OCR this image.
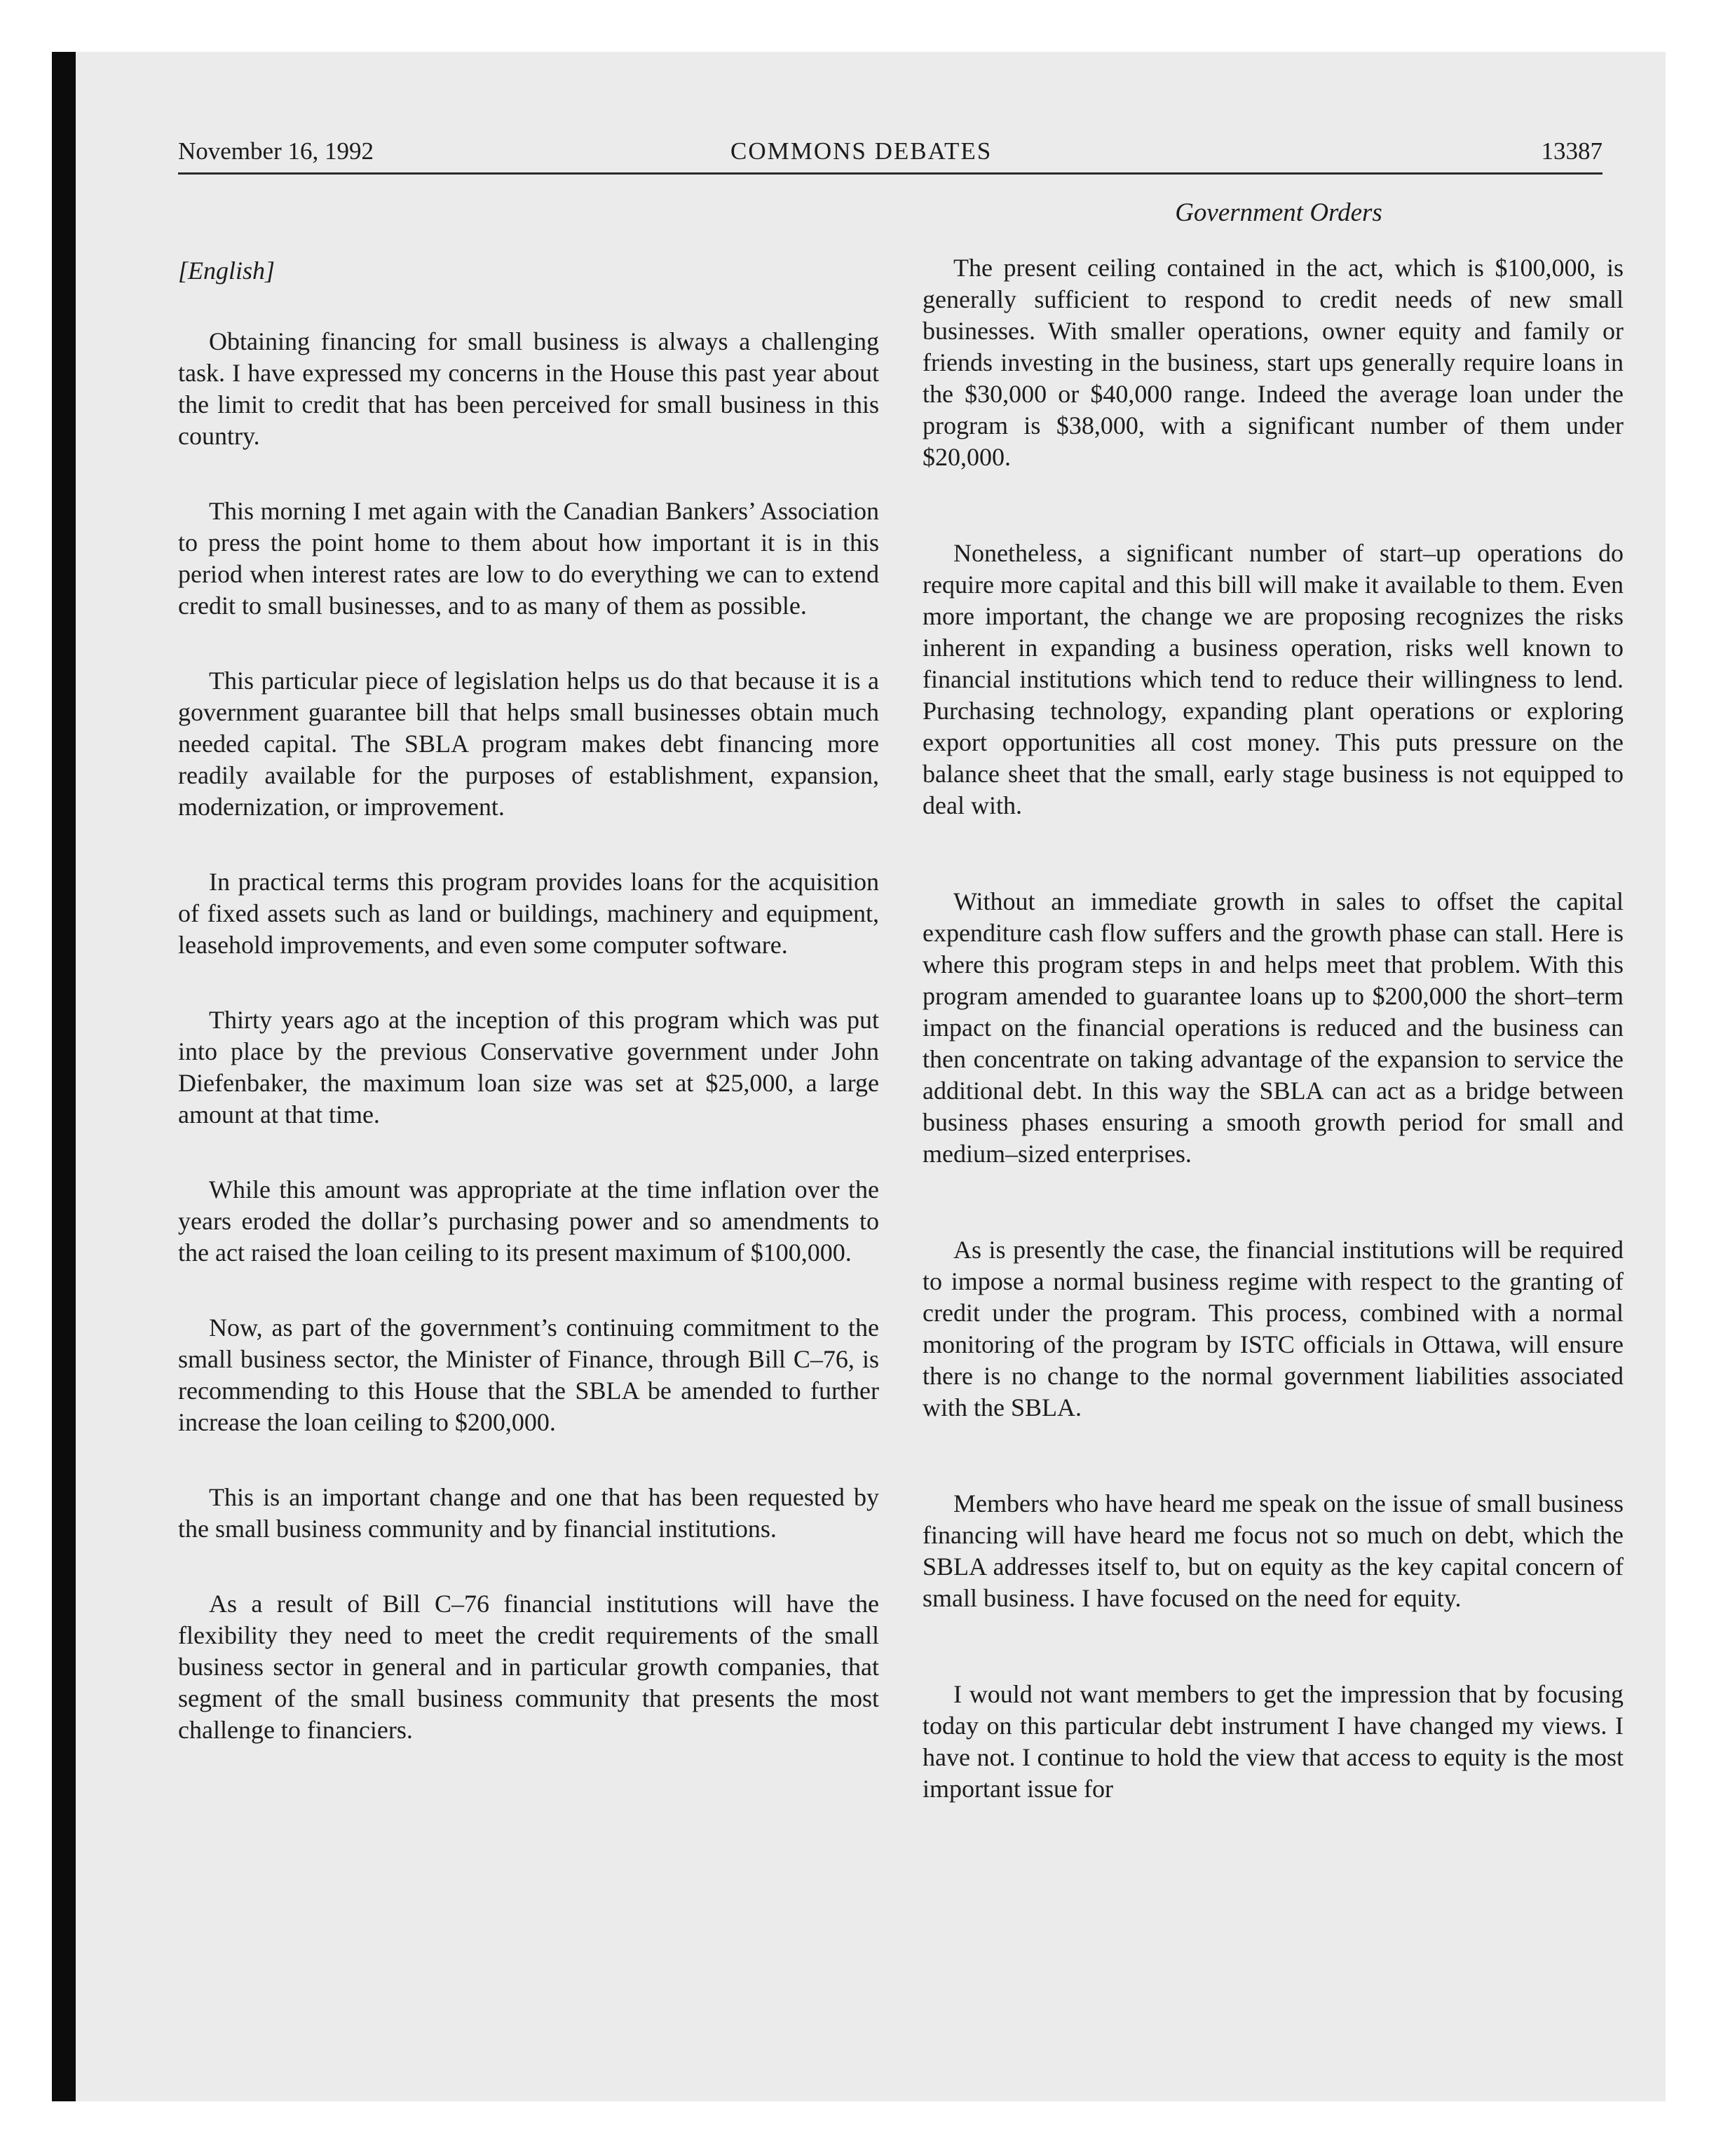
November 16, 1992	COMMONS DEBATES	13387
Government Orders

[English]

Obtaining financing for small business is always a challenging task. I have expressed my concerns in the House this past year about the limit to credit that has been perceived for small business in this country.

This morning I met again with the Canadian Bankers’ Association to press the point home to them about how important it is in this period when interest rates are low to do everything we can to extend credit to small businesses, and to as many of them as possible.

This particular piece of legislation helps us do that because it is a government guarantee bill that helps small businesses obtain much needed capital. The SBLA program makes debt financing more readily available for the purposes of establishment, expansion, modernization, or improvement.

In practical terms this program provides loans for the acquisition of fixed assets such as land or buildings, machinery and equipment, leasehold improvements, and even some computer software.

Thirty years ago at the inception of this program which was put into place by the previous Conservative government under John Diefenbaker, the maximum loan size was set at $25,000, a large amount at that time.

While this amount was appropriate at the time inflation over the years eroded the dollar’s purchasing power and so amendments to the act raised the loan ceiling to its present maximum of $100,000.

Now, as part of the government’s continuing commitment to the small business sector, the Minister of Finance, through Bill C–76, is recommending to this House that the SBLA be amended to further increase the loan ceiling to $200,000.

This is an important change and one that has been requested by the small business community and by financial institutions.

As a result of Bill C–76 financial institutions will have the flexibility they need to meet the credit requirements of the small business sector in general and in particular growth companies, that segment of the small business community that presents the most challenge to financiers.

The present ceiling contained in the act, which is $100,000, is generally sufficient to respond to credit needs of new small businesses. With smaller operations, owner equity and family or friends investing in the business, start ups generally require loans in the $30,000 or $40,000 range. Indeed the average loan under the program is $38,000, with a significant number of them under $20,000.

Nonetheless, a significant number of start–up operations do require more capital and this bill will make it available to them. Even more important, the change we are proposing recognizes the risks inherent in expanding a business operation, risks well known to financial institutions which tend to reduce their willingness to lend. Purchasing technology, expanding plant operations or exploring export opportunities all cost money. This puts pressure on the balance sheet that the small, early stage business is not equipped to deal with.

Without an immediate growth in sales to offset the capital expenditure cash flow suffers and the growth phase can stall. Here is where this program steps in and helps meet that problem. With this program amended to guarantee loans up to $200,000 the short–term impact on the financial operations is reduced and the business can then concentrate on taking advantage of the expansion to service the additional debt. In this way the SBLA can act as a bridge between business phases ensuring a smooth growth period for small and medium–sized enterprises.

As is presently the case, the financial institutions will be required to impose a normal business regime with respect to the granting of credit under the program. This process, combined with a normal monitoring of the program by ISTC officials in Ottawa, will ensure there is no change to the normal government liabilities associated with the SBLA.

Members who have heard me speak on the issue of small business financing will have heard me focus not so much on debt, which the SBLA addresses itself to, but on equity as the key capital concern of small business. I have focused on the need for equity.

I would not want members to get the impression that by focusing today on this particular debt instrument I have changed my views. I have not. I continue to hold the view that access to equity is the most important issue for
